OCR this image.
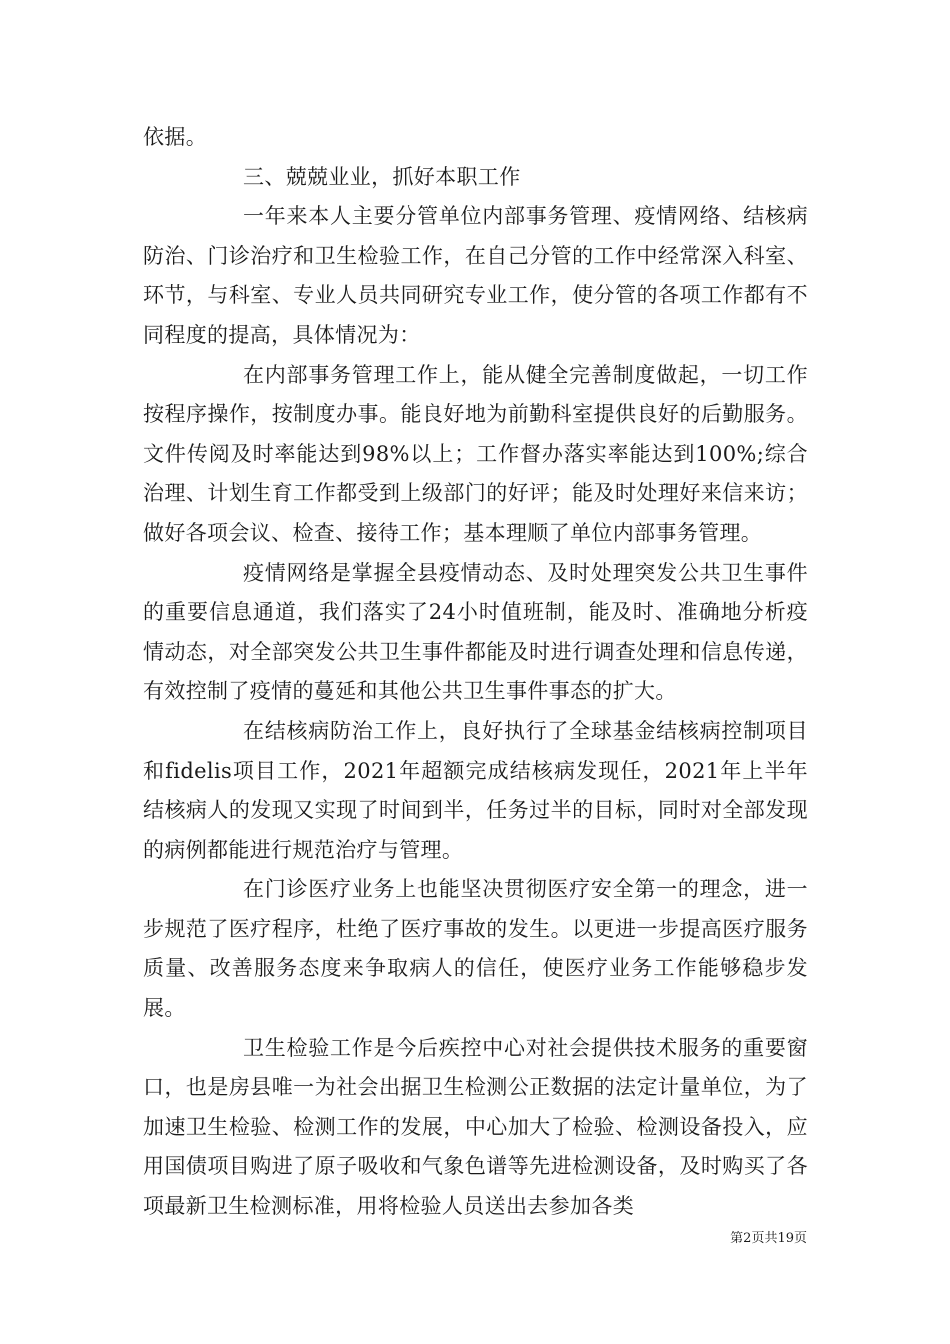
依据。

三、兢兢业业，抓好本职工作

一年来本人主要分管单位内部事务管理、疫情网络、结核病防治、门诊治疗和卫生检验工作，在自己分管的工作中经常深入科室、环节，与科室、专业人员共同研究专业工作，使分管的各项工作都有不同程度的提高，具体情况为：

在内部事务管理工作上，能从健全完善制度做起，一切工作按程序操作，按制度办事。能良好地为前勤科室提供良好的后勤服务。文件传阅及时率能达到98%以上；工作督办落实率能达到100%;综合治理、计划生育工作都受到上级部门的好评；能及时处理好来信来访；做好各项会议、检查、接待工作；基本理顺了单位内部事务管理。

疫情网络是掌握全县疫情动态、及时处理突发公共卫生事件的重要信息通道，我们落实了24小时值班制，能及时、准确地分析疫情动态，对全部突发公共卫生事件都能及时进行调查处理和信息传递，有效控制了疫情的蔓延和其他公共卫生事件事态的扩大。

在结核病防治工作上，良好执行了全球基金结核病控制项目和fidelis项目工作，2021年超额完成结核病发现任，2021年上半年结核病人的发现又实现了时间到半，任务过半的目标，同时对全部发现的病例都能进行规范治疗与管理。

在门诊医疗业务上也能坚决贯彻医疗安全第一的理念，进一步规范了医疗程序，杜绝了医疗事故的发生。以更进一步提高医疗服务质量、改善服务态度来争取病人的信任，使医疗业务工作能够稳步发展。

卫生检验工作是今后疾控中心对社会提供技术服务的重要窗口，也是房县唯一为社会出据卫生检测公正数据的法定计量单位，为了加速卫生检验、检测工作的发展，中心加大了检验、检测设备投入，应用国债项目购进了原子吸收和气象色谱等先进检测设备，及时购买了各项最新卫生检测标准，用将检验人员送出去参加各类

第2页共19页
